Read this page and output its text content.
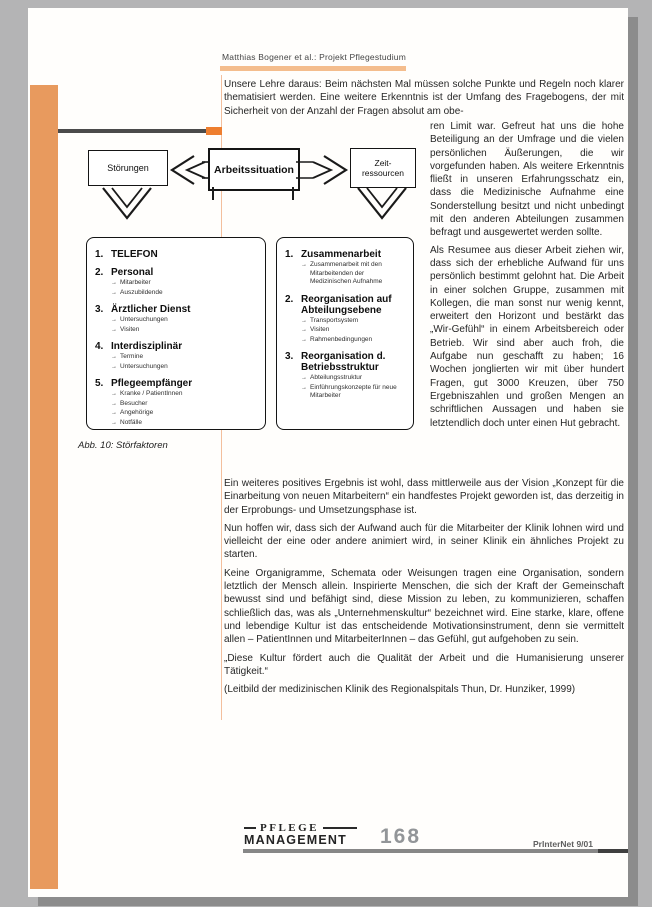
Matthias Bogener et al.: Projekt Pflegestudium
Unsere Lehre daraus: Beim nächsten Mal müssen solche Punkte und Regeln noch klarer thematisiert werden. Eine weitere Erkenntnis ist der Umfang des Fragebogens, der mit Sicherheit von der Anzahl der Fragen absolut am obe-

ren Limit war. Gefreut hat uns die hohe Beteiligung an der Umfrage und die vielen persönlichen Äußerungen, die wir vorgefunden haben. Als weitere Erkenntnis fließt in unseren Erfahrungsschatz ein, dass die Medizinische Aufnahme eine Sonderstellung besitzt und nicht unbedingt mit den anderen Abteilungen zusammen befragt und ausgewertet werden sollte.

Als Resumee aus dieser Arbeit ziehen wir, dass sich der erhebliche Aufwand für uns persönlich bestimmt gelohnt hat. Die Arbeit in einer solchen Gruppe, zusammen mit Kollegen, die man sonst nur wenig kennt, erweitert den Horizont und bestärkt das „Wir-Gefühl“ in einem Arbeitsbereich oder Betrieb. Wir sind aber auch froh, die Aufgabe nun geschafft zu haben; 16 Wochen jonglierten wir mit über hundert Fragen, gut 3000 Kreuzen, über 750 Ergebniszahlen und großen Mengen an schriftlichen Aussagen und haben sie letztendlich doch unter einen Hut gebracht.

Störungen	Arbeitssituation
Zeit-
ressourcen
1. TELEFON
2. Personal
→ Mitarbeiter
→ Auszubildende
3. Ärztlicher Dienst
→ Untersuchungen
→ Visiten
4. Interdisziplinär
→ Termine
→ Untersuchungen
5. Pflegeempfänger
→ Kranke / PatientInnen
→ Besucher
→ Angehörige
→ Notfälle
1. Zusammenarbeit
→ Zusammenarbeit mit den Mitarbeitenden der Medizinischen Aufnahme
2. Reorganisation auf Abteilungsebene
→ Transportsystem
→ Visiten
→ Rahmenbedingungen
3. Reorganisation d. Betriebsstruktur
→ Abteilungsstruktur
→ Einführungskonzepte für neue Mitarbeiter
Abb. 10: Störfaktoren

Ein weiteres positives Ergebnis ist wohl, dass mittlerweile aus der Vision „Konzept für die Einarbeitung von neuen Mitarbeitern“ ein handfestes Projekt geworden ist, das derzeitig in der Erprobungs- und Umsetzungsphase ist.

Nun hoffen wir, dass sich der Aufwand auch für die Mitarbeiter der Klinik lohnen wird und vielleicht der eine oder andere animiert wird, in seiner Klinik ein ähnliches Projekt zu starten.

Keine Organigramme, Schemata oder Weisungen tragen eine Organisation, sondern letztlich der Mensch allein. Inspirierte Menschen, die sich der Kraft der Gemeinschaft bewusst sind und befähigt sind, diese Mission zu leben, zu kommunizieren, schaffen schließlich das, was als „Unternehmenskultur“ bezeichnet wird. Eine starke, klare, offene und lebendige Kultur ist das entscheidende Motivationsinstrument, denn sie vermittelt allen – PatientInnen und MitarbeiterInnen – das Gefühl, gut aufgehoben zu sein.

„Diese Kultur fördert auch die Qualität der Arbeit und die Humanisierung unserer Tätigkeit.“

(Leitbild der medizinischen Klinik des Regionalspitals Thun, Dr. Hunziker, 1999)

PFLEGE
MANAGEMENT	168	PrInterNet 9/01
